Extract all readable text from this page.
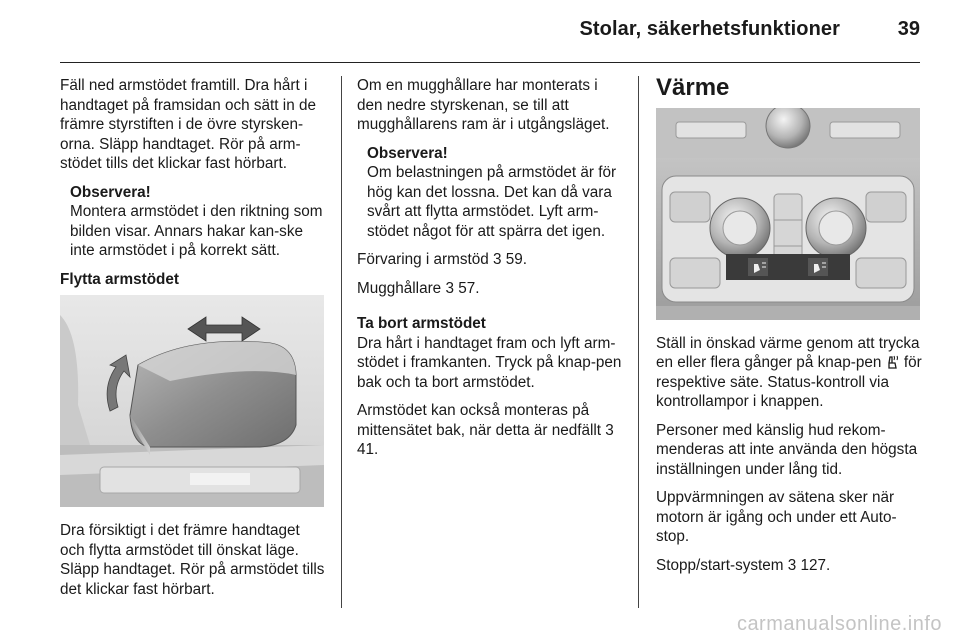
Stolar, säkerhetsfunktioner	39

Fäll ned armstödet framtill. Dra hårt i handtaget på framsidan och sätt in de främre styrstiften i de övre styrsken-orna. Släpp handtaget. Rör på arm-stödet tills det klickar fast hörbart.

Observera!
Montera armstödet i den riktning som bilden visar. Annars hakar kan-ske inte armstödet i på korrekt sätt.
Flytta armstödet

Dra försiktigt i det främre handtaget och flytta armstödet till önskat läge. Släpp handtaget. Rör på armstödet tills det klickar fast hörbart.

Om en mugghållare har monterats i den nedre styrskenan, se till att mugghållarens ram är i utgångsläget.

Observera!
Om belastningen på armstödet är för hög kan det lossna. Det kan då vara svårt att flytta armstödet. Lyft arm-stödet något för att spärra det igen.

Förvaring i armstöd 3 59.

Mugghållare 3 57.

Ta bort armstödet

Dra hårt i handtaget fram och lyft arm-stödet i framkanten. Tryck på knap-pen bak och ta bort armstödet.

Armstödet kan också monteras på mittensätet bak, när detta är nedfällt 3 41.

Värme

Ställ in önskad värme genom att trycka en eller flera gånger på knap-pen för respektive säte. Status-kontroll via kontrollampor i knappen.

Personer med känslig hud rekom-menderas att inte använda den högsta inställningen under lång tid.

Uppvärmningen av sätena sker när motorn är igång och under ett Auto-stop.

Stopp/start-system 3 127.

carmanualsonline.info
